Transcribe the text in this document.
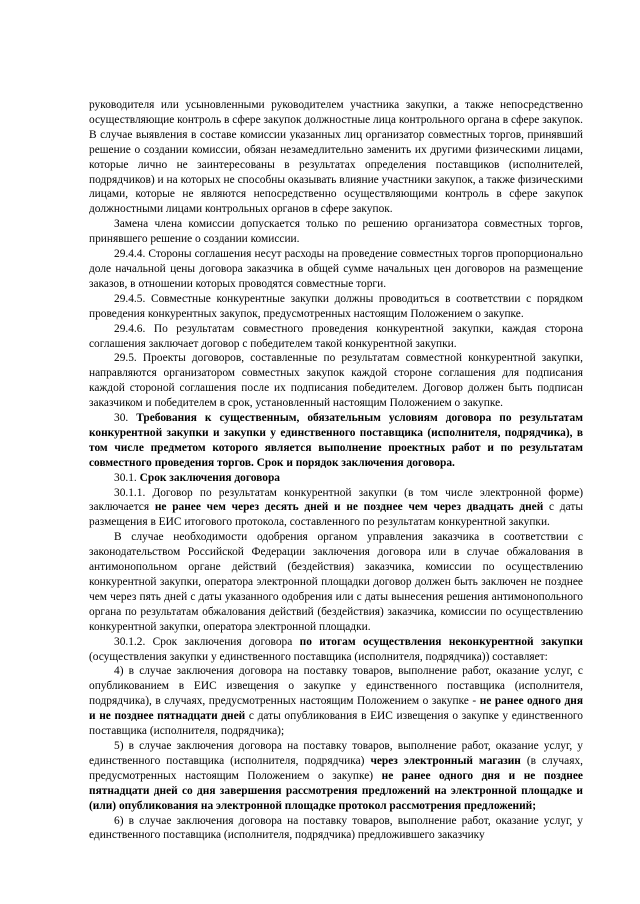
руководителя или усыновленными руководителем участника закупки, а также непосредственно осуществляющие контроль в сфере закупок должностные лица контрольного органа в сфере закупок. В случае выявления в составе комиссии указанных лиц организатор совместных торгов, принявший решение о создании комиссии, обязан незамедлительно заменить их другими физическими лицами, которые лично не заинтересованы в результатах определения поставщиков (исполнителей, подрядчиков) и на которых не способны оказывать влияние участники закупок, а также физическими лицами, которые не являются непосредственно осуществляющими контроль в сфере закупок должностными лицами контрольных органов в сфере закупок.

Замена члена комиссии допускается только по решению организатора совместных торгов, принявшего решение о создании комиссии.

29.4.4. Стороны соглашения несут расходы на проведение совместных торгов пропорционально доле начальной цены договора заказчика в общей сумме начальных цен договоров на размещение заказов, в отношении которых проводятся совместные торги.

29.4.5. Совместные конкурентные закупки должны проводиться в соответствии с порядком проведения конкурентных закупок, предусмотренных настоящим Положением о закупке.

29.4.6. По результатам совместного проведения конкурентной закупки, каждая сторона соглашения заключает договор с победителем такой конкурентной закупки.

29.5. Проекты договоров, составленные по результатам совместной конкурентной закупки, направляются организатором совместных закупок каждой стороне соглашения для подписания каждой стороной соглашения после их подписания победителем. Договор должен быть подписан заказчиком и победителем в срок, установленный настоящим Положением о закупке.

30. Требования к существенным, обязательным условиям договора по результатам конкурентной закупки и закупки у единственного поставщика (исполнителя, подрядчика), в том числе предметом которого является выполнение проектных работ и по результатам совместного проведения торгов. Срок и порядок заключения договора.

30.1. Срок заключения договора

30.1.1. Договор по результатам конкурентной закупки (в том числе электронной форме) заключается не ранее чем через десять дней и не позднее чем через двадцать дней с даты размещения в ЕИС итогового протокола, составленного по результатам конкурентной закупки.

В случае необходимости одобрения органом управления заказчика в соответствии с законодательством Российской Федерации заключения договора или в случае обжалования в антимонопольном органе действий (бездействия) заказчика, комиссии по осуществлению конкурентной закупки, оператора электронной площадки договор должен быть заключен не позднее чем через пять дней с даты указанного одобрения или с даты вынесения решения антимонопольного органа по результатам обжалования действий (бездействия) заказчика, комиссии по осуществлению конкурентной закупки, оператора электронной площадки.

30.1.2. Срок заключения договора по итогам осуществления неконкурентной закупки (осуществления закупки у единственного поставщика (исполнителя, подрядчика)) составляет:

4) в случае заключения договора на поставку товаров, выполнение работ, оказание услуг, с опубликованием в ЕИС извещения о закупке у единственного поставщика (исполнителя, подрядчика), в случаях, предусмотренных настоящим Положением о закупке - не ранее одного дня и не позднее пятнадцати дней с даты опубликования в ЕИС извещения о закупке у единственного поставщика (исполнителя, подрядчика);

5) в случае заключения договора на поставку товаров, выполнение работ, оказание услуг, у единственного поставщика (исполнителя, подрядчика) через электронный магазин (в случаях, предусмотренных настоящим Положением о закупке) не ранее одного дня и не позднее пятнадцати дней со дня завершения рассмотрения предложений на электронной площадке и (или) опубликования на электронной площадке протокол рассмотрения предложений;

6) в случае заключения договора на поставку товаров, выполнение работ, оказание услуг, у единственного поставщика (исполнителя, подрядчика) предложившего заказчику
